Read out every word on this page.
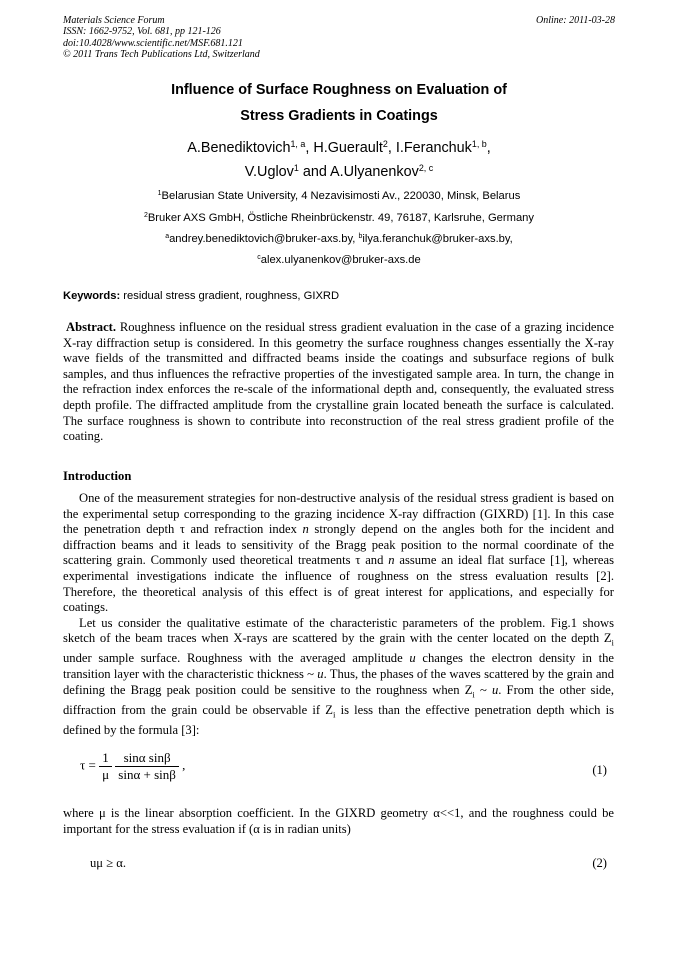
Materials Science Forum
ISSN: 1662-9752, Vol. 681, pp 121-126
doi:10.4028/www.scientific.net/MSF.681.121
© 2011 Trans Tech Publications Ltd, Switzerland
Online: 2011-03-28
Influence of Surface Roughness on Evaluation of
Stress Gradients in Coatings
A.Benediktovich$^{1, a}$, H.Guerault$^2$, I.Feranchuk$^{1, b}$,
V.Uglov$^1$ and A.Ulyanenkov$^{2, c}$
$^1$Belarusian State University, 4 Nezavisimosti Av., 220030, Minsk, Belarus
$^2$Bruker AXS GmbH, Östliche Rheinbrückenstr. 49, 76187, Karlsruhe, Germany
$^a$andrey.benediktovich@bruker-axs.by, $^b$ilya.feranchuk@bruker-axs.by,
$^c$alex.ulyanenkov@bruker-axs.de
Keywords: residual stress gradient, roughness, GIXRD

Abstract. Roughness influence on the residual stress gradient evaluation in the case of a grazing incidence X-ray diffraction setup is considered. In this geometry the surface roughness changes essentially the X-ray wave fields of the transmitted and diffracted beams inside the coatings and subsurface regions of bulk samples, and thus influences the refractive properties of the investigated sample area. In turn, the change in the refraction index enforces the re-scale of the informational depth and, consequently, the evaluated stress depth profile. The diffracted amplitude from the crystalline grain located beneath the surface is calculated. The surface roughness is shown to contribute into reconstruction of the real stress gradient profile of the coating.

Introduction

One of the measurement strategies for non-destructive analysis of the residual stress gradient is based on the experimental setup corresponding to the grazing incidence X-ray diffraction (GIXRD) [1]. In this case the penetration depth τ and refraction index n strongly depend on the angles both for the incident and diffraction beams and it leads to sensitivity of the Bragg peak position to the normal coordinate of the scattering grain. Commonly used theoretical treatments τ and n assume an ideal flat surface [1], whereas experimental investigations indicate the influence of roughness on the stress evaluation results [2]. Therefore, the theoretical analysis of this effect is of great interest for applications, and especially for coatings.

Let us consider the qualitative estimate of the characteristic parameters of the problem. Fig.1 shows sketch of the beam traces when X-rays are scattered by the grain with the center located on the depth $Z_i$ under sample surface. Roughness with the averaged amplitude u changes the electron density in the transition layer with the characteristic thickness ~ u. Thus, the phases of the waves scattered by the grain and defining the Bragg peak position could be sensitive to the roughness when $Z_i$ ~ u. From the other side, diffraction from the grain could be observable if $Z_i$ is less than the effective penetration depth which is defined by the formula [3]:

$\tau = \frac{1}{\mu}$
$\frac{\text{sinα sinβ}}{\sin\alpha + \sin\beta}$ ,	(1)
where μ is the linear absorption coefficient. In the GIXRD geometry α<<1, and the roughness could be important for the stress evaluation if (α is in radian units)
uμ ≥ α.	(2)
